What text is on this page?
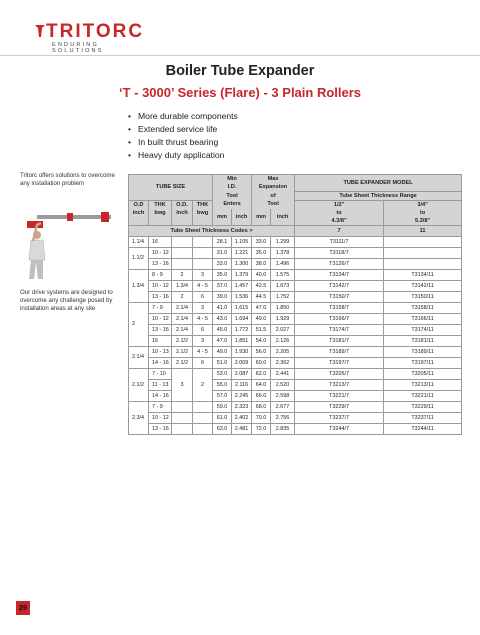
TRITORC
ENDURING SOLUTIONS
Boiler Tube Expander
‘T - 3000’ Series (Flare) - 3 Plain Rollers
• More durable components
• Extended service life
• In built thrust bearing
• Heavy duty application
Tritorc offers solutions to overcome any installation problem
Our drive systems are designed to overcome any challenge posed by installation areas at any site
TUBE SIZE				Min		Max		TUBE EXPANDER MODEL	
				I.D.		Expansion			
				Tool		of		Tube Sheet Thickness Range	
O.D	THK	O.D.	THK	Enters		Tool		1/2"	3/4"
inch	bwg	inch	bwg	mm	inch	mm	inch	to	to
								4.3/8"	5.3/8"
Tube Sheet Thickness Codes >								7	11
1.1/4	16			28.1	1.105	33.0	1.299	T3111/7	
1.1/2	10 - 12			31.0	1.221	35.0	1.378	T3118/7	
	13 - 16			33.0	1.300	38.0	1.496	T3126/7	
1.3/4	8 - 9	2	3	35.0	1.379	40.0	1.575	T3134/7	T3134/11
	10 - 12	1.3/4	4 - 5	37.0	1.457	42.5	1.673	T3142/7	T3142/11
	13 - 16	2	6	39.0	1.536	44.5	1.752	T3150/7	T3150/11
2	7 - 9	2.1/4	3	41.0	1.615	47.0	1.850	T3158/7	T3158/11
	10 - 12	2.1/4	4 - 5	43.0	1.694	49.0	1.929	T3166/7	T3166/11
	13 - 16	2.1/4	6	45.0	1.772	51.5	2.027	T3174/7	T3174/11
	16	2.1/2	3	47.0	1.851	54.0	2.126	T3181/7	T3181/11
2.1/4	10 - 13	2.1/2	4 - 5	49.0	1.930	56.0	2.205	T3189/7	T3189/11
	14 - 16	2.1/2	6	51.0	2.009	60.0	2.362	T3197/7	T3197/11
2.1/2	7 - 10	3	2	53.0	2.087	62.0	2.441	T3205/7	T3205/11
	11 - 13			55.0	2.116	64.0	2.520	T3213/7	T3213/11
	14 - 16			57.0	2.245	66.0	2.598	T3221/7	T3221/11
2.3/4	7 - 9			59.0	2.323	68.0	2.677	T3229/7	T3229/11
	10 - 12			61.0	2.402	70.0	2.756	T3237/7	T3237/11
	13 - 16			63.0	2.481	72.0	2.835	T3244/7	T3244/11
29
